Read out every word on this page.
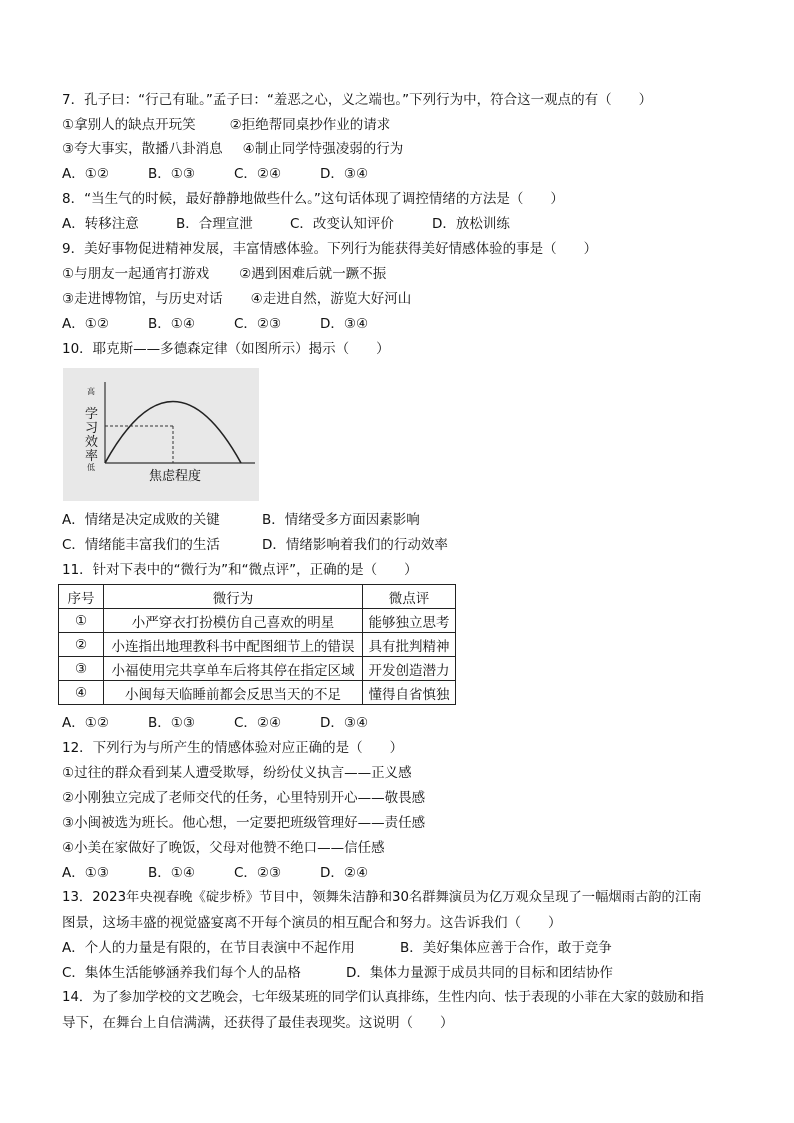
7．孔子曰：“行己有耻。”孟子曰：“羞恶之心，义之端也。”下列行为中，符合这一观点的有（　　）
①拿别人的缺点开玩笑	②拒绝帮同桌抄作业的请求
③夸大事实，散播八卦消息 ④制止同学恃强凌弱的行为
A．①②	B．①③	C．②④	D．③④
8．“当生气的时候，最好静静地做些什么。”这句话体现了调控情绪的方法是（　　）
A．转移注意	B．合理宣泄	C．改变认知评价	D．放松训练
9．美好事物促进精神发展，丰富情感体验。下列行为能获得美好情感体验的事是（　　）
①与朋友一起通宵打游戏 ②遇到困难后就一蹶不振
③走进博物馆，与历史对话 ④走进自然，游览大好河山
A．①②	B．①④	C．②③	D．③④
10．耶克斯——多德森定律（如图所示）揭示（　　）
高
低
学
习
效
率
焦虑程度
A．情绪是决定成败的关键	B．情绪受多方面因素影响
C．情绪能丰富我们的生活	D．情绪影响着我们的行动效率
11．针对下表中的“微行为”和“微点评”，正确的是（　　）
序号	微行为	微点评
①	小严穿衣打扮模仿自己喜欢的明星	能够独立思考
②	小连指出地理教科书中配图细节上的错误	具有批判精神
③	小福使用完共享单车后将其停在指定区域	开发创造潜力
④	小闽每天临睡前都会反思当天的不足	懂得自省慎独
A．①②	B．①③	C．②④	D．③④
12．下列行为与所产生的情感体验对应正确的是（　　）
①过往的群众看到某人遭受欺辱，纷纷仗义执言——正义感
②小刚独立完成了老师交代的任务，心里特别开心——敬畏感
③小闽被选为班长。他心想，一定要把班级管理好——责任感
④小美在家做好了晚饭，父母对他赞不绝口——信任感
A．①③	B．①④	C．②③	D．②④
13．2023年央视春晚《碇步桥》节目中，领舞朱洁静和30名群舞演员为亿万观众呈现了一幅烟雨古韵的江南
图景，这场丰盛的视觉盛宴离不开每个演员的相互配合和努力。这告诉我们（　　）
A．个人的力量是有限的，在节目表演中不起作用	B．美好集体应善于合作，敢于竞争
C．集体生活能够涵养我们每个人的品格	D．集体力量源于成员共同的目标和团结协作
14．为了参加学校的文艺晚会，七年级某班的同学们认真排练，生性内向、怯于表现的小菲在大家的鼓励和指
导下，在舞台上自信满满，还获得了最佳表现奖。这说明（　　）
